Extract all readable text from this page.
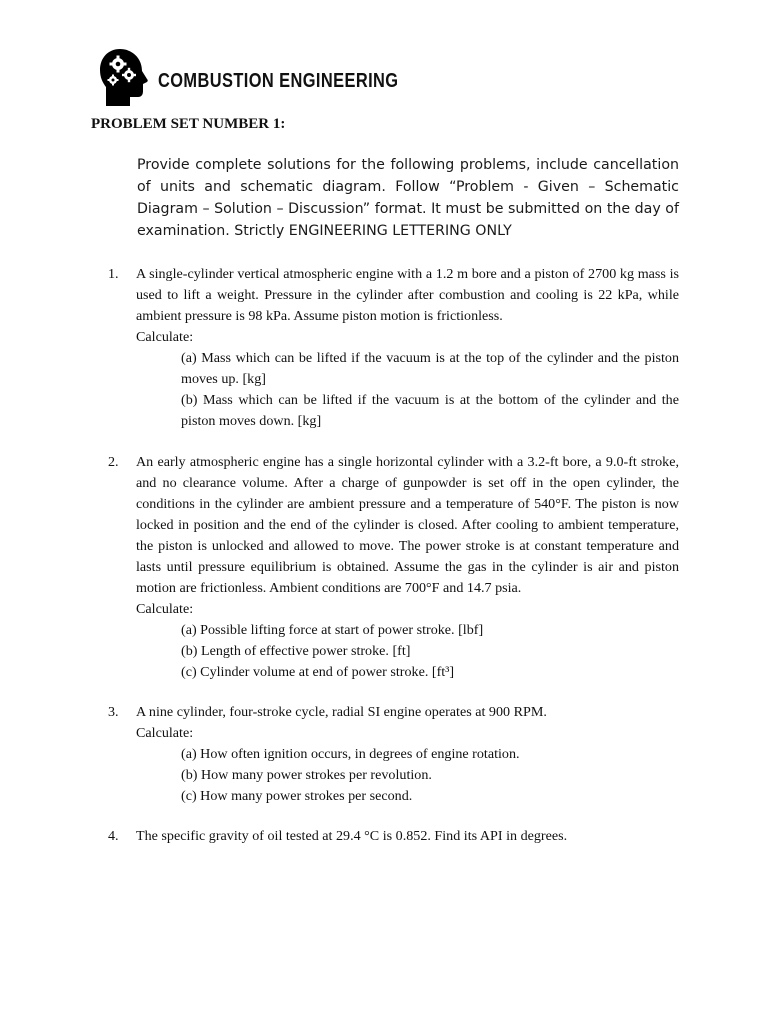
COMBUSTION ENGINEERING
PROBLEM SET NUMBER 1:
Provide complete solutions for the following problems, include cancellation of units and schematic diagram. Follow “Problem - Given – Schematic Diagram – Solution – Discussion” format. It must be submitted on the day of examination. Strictly ENGINEERING LETTERING ONLY
1.	A single-cylinder vertical atmospheric engine with a 1.2 m bore and a piston of 2700 kg mass is used to lift a weight. Pressure in the cylinder after combustion and cooling is 22 kPa, while ambient pressure is 98 kPa. Assume piston motion is frictionless.
Calculate:
(a) Mass which can be lifted if the vacuum is at the top of the cylinder and the piston moves up. [kg]
(b) Mass which can be lifted if the vacuum is at the bottom of the cylinder and the piston moves down. [kg]
2.	An early atmospheric engine has a single horizontal cylinder with a 3.2-ft bore, a 9.0-ft stroke, and no clearance volume. After a charge of gunpowder is set off in the open cylinder, the conditions in the cylinder are ambient pressure and a temperature of 540°F. The piston is now locked in position and the end of the cylinder is closed. After cooling to ambient temperature, the piston is unlocked and allowed to move. The power stroke is at constant temperature and lasts until pressure equilibrium is obtained. Assume the gas in the cylinder is air and piston motion are frictionless. Ambient conditions are 700°F and 14.7 psia.
Calculate:
(a) Possible lifting force at start of power stroke. [lbf]
(b) Length of effective power stroke. [ft]
(c) Cylinder volume at end of power stroke. [ft³]
3.	A nine cylinder, four-stroke cycle, radial SI engine operates at 900 RPM.
Calculate:
(a) How often ignition occurs, in degrees of engine rotation.
(b) How many power strokes per revolution.
(c) How many power strokes per second.
4.	The specific gravity of oil tested at 29.4 °C is 0.852. Find its API in degrees.
